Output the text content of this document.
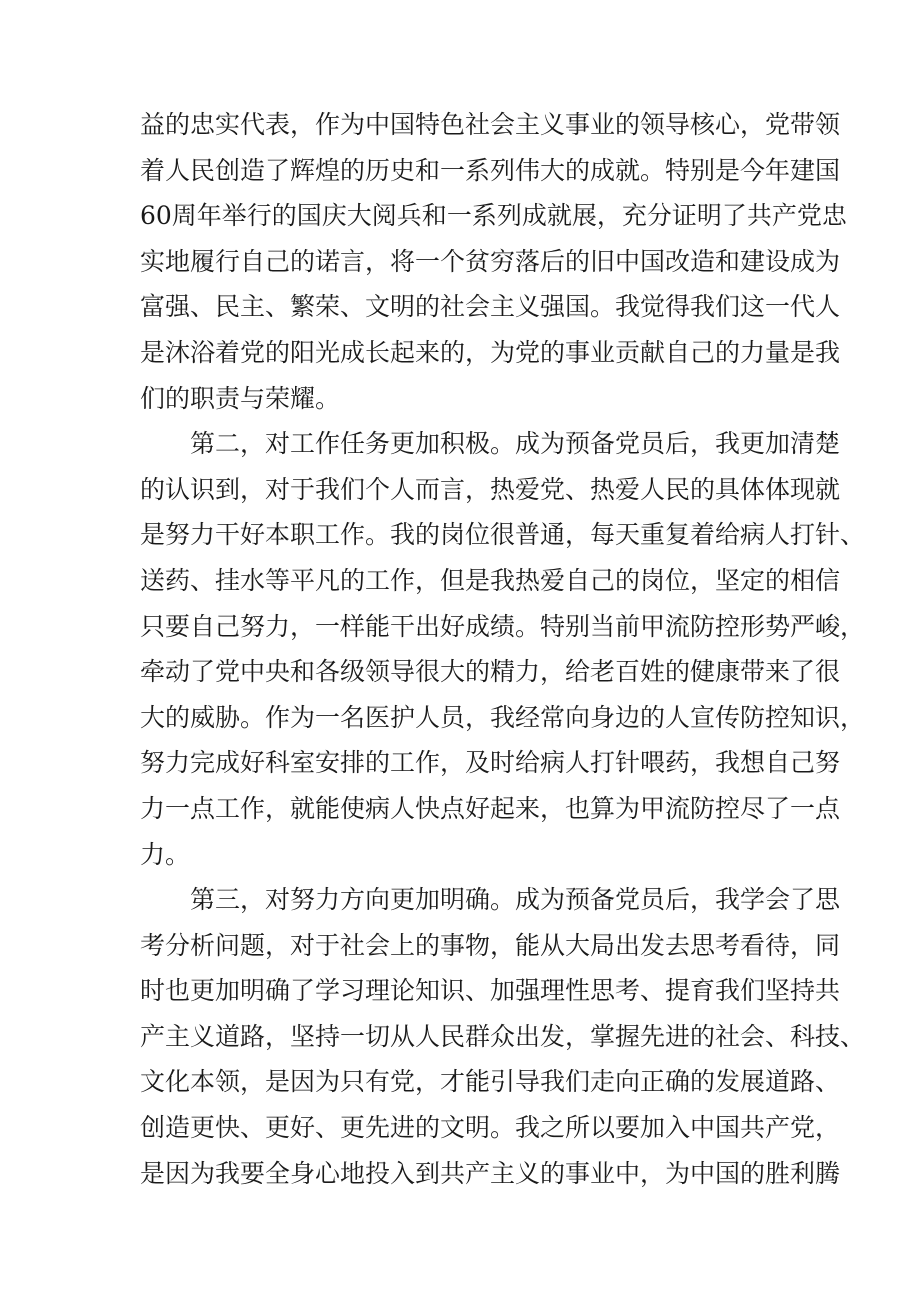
益的忠实代表，作为中国特色社会主义事业的领导核心，党带领
着人民创造了辉煌的历史和一系列伟大的成就。特别是今年建国
60周年举行的国庆大阅兵和一系列成就展，充分证明了共产党忠
实地履行自己的诺言，将一个贫穷落后的旧中国改造和建设成为
富强、民主、繁荣、文明的社会主义强国。我觉得我们这一代人
是沐浴着党的阳光成长起来的，为党的事业贡献自己的力量是我
们的职责与荣耀。
第二，对工作任务更加积极。成为预备党员后，我更加清楚
的认识到，对于我们个人而言，热爱党、热爱人民的具体体现就
是努力干好本职工作。我的岗位很普通，每天重复着给病人打针、
送药、挂水等平凡的工作，但是我热爱自己的岗位，坚定的相信
只要自己努力，一样能干出好成绩。特别当前甲流防控形势严峻，
牵动了党中央和各级领导很大的精力，给老百姓的健康带来了很
大的威胁。作为一名医护人员，我经常向身边的人宣传防控知识，
努力完成好科室安排的工作，及时给病人打针喂药，我想自己努
力一点工作，就能使病人快点好起来，也算为甲流防控尽了一点
力。
第三，对努力方向更加明确。成为预备党员后，我学会了思
考分析问题，对于社会上的事物，能从大局出发去思考看待，同
时也更加明确了学习理论知识、加强理性思考、提育我们坚持共
产主义道路，坚持一切从人民群众出发，掌握先进的社会、科技、
文化本领，是因为只有党，才能引导我们走向正确的发展道路、
创造更快、更好、更先进的文明。我之所以要加入中国共产党，
是因为我要全身心地投入到共产主义的事业中，为中国的胜利腾
